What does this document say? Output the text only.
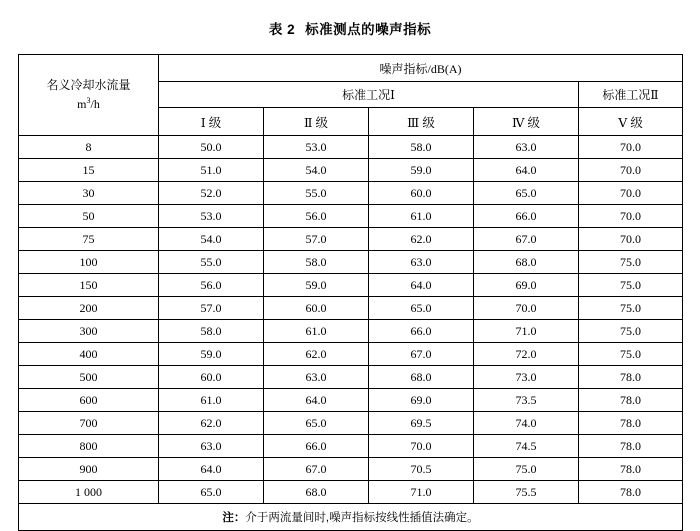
表 2 标准测点的噪声指标
名义冷却水流量
$m^3/h$	噪声指标/dB(A)				
	标准工况Ⅰ				标准工况Ⅱ
	Ⅰ 级	Ⅱ 级	Ⅲ 级	Ⅳ 级	Ⅴ 级
8	50.0	53.0	58.0	63.0	70.0
15	51.0	54.0	59.0	64.0	70.0
30	52.0	55.0	60.0	65.0	70.0
50	53.0	56.0	61.0	66.0	70.0
75	54.0	57.0	62.0	67.0	70.0
100	55.0	58.0	63.0	68.0	75.0
150	56.0	59.0	64.0	69.0	75.0
200	57.0	60.0	65.0	70.0	75.0
300	58.0	61.0	66.0	71.0	75.0
400	59.0	62.0	67.0	72.0	75.0
500	60.0	63.0	68.0	73.0	78.0
600	61.0	64.0	69.0	73.5	78.0
700	62.0	65.0	69.5	74.0	78.0
800	63.0	66.0	70.0	74.5	78.0
900	64.0	67.0	70.5	75.0	78.0
1 000	65.0	68.0	71.0	75.5	78.0
注：介于两流量间时,噪声指标按线性插值法确定。					
